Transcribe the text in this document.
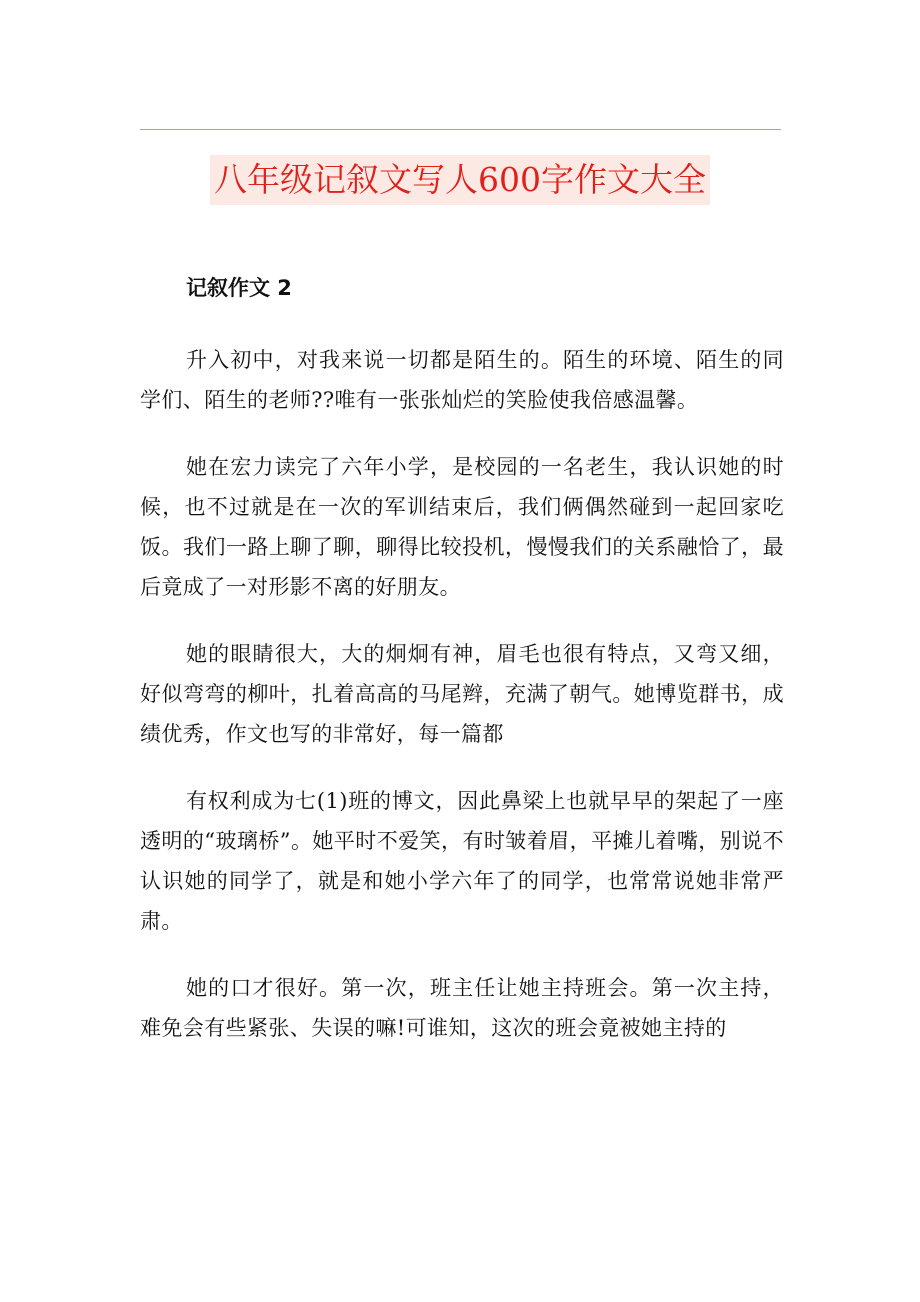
八年级记叙文写人600字作文大全
记叙作文 2

升入初中，对我来说一切都是陌生的。陌生的环境、陌生的同学们、陌生的老师??唯有一张张灿烂的笑脸使我倍感温馨。

她在宏力读完了六年小学，是校园的一名老生，我认识她的时候，也不过就是在一次的军训结束后，我们俩偶然碰到一起回家吃饭。我们一路上聊了聊，聊得比较投机，慢慢我们的关系融恰了，最后竟成了一对形影不离的好朋友。

她的眼睛很大，大的炯炯有神，眉毛也很有特点，又弯又细，好似弯弯的柳叶，扎着高高的马尾辫，充满了朝气。她博览群书，成绩优秀，作文也写的非常好，每一篇都

有权利成为七(1)班的博文，因此鼻梁上也就早早的架起了一座透明的“玻璃桥”。她平时不爱笑，有时皱着眉，平摊儿着嘴，别说不认识她的同学了，就是和她小学六年了的同学，也常常说她非常严肃。

她的口才很好。第一次，班主任让她主持班会。第一次主持，难免会有些紧张、失误的嘛!可谁知，这次的班会竟被她主持的
